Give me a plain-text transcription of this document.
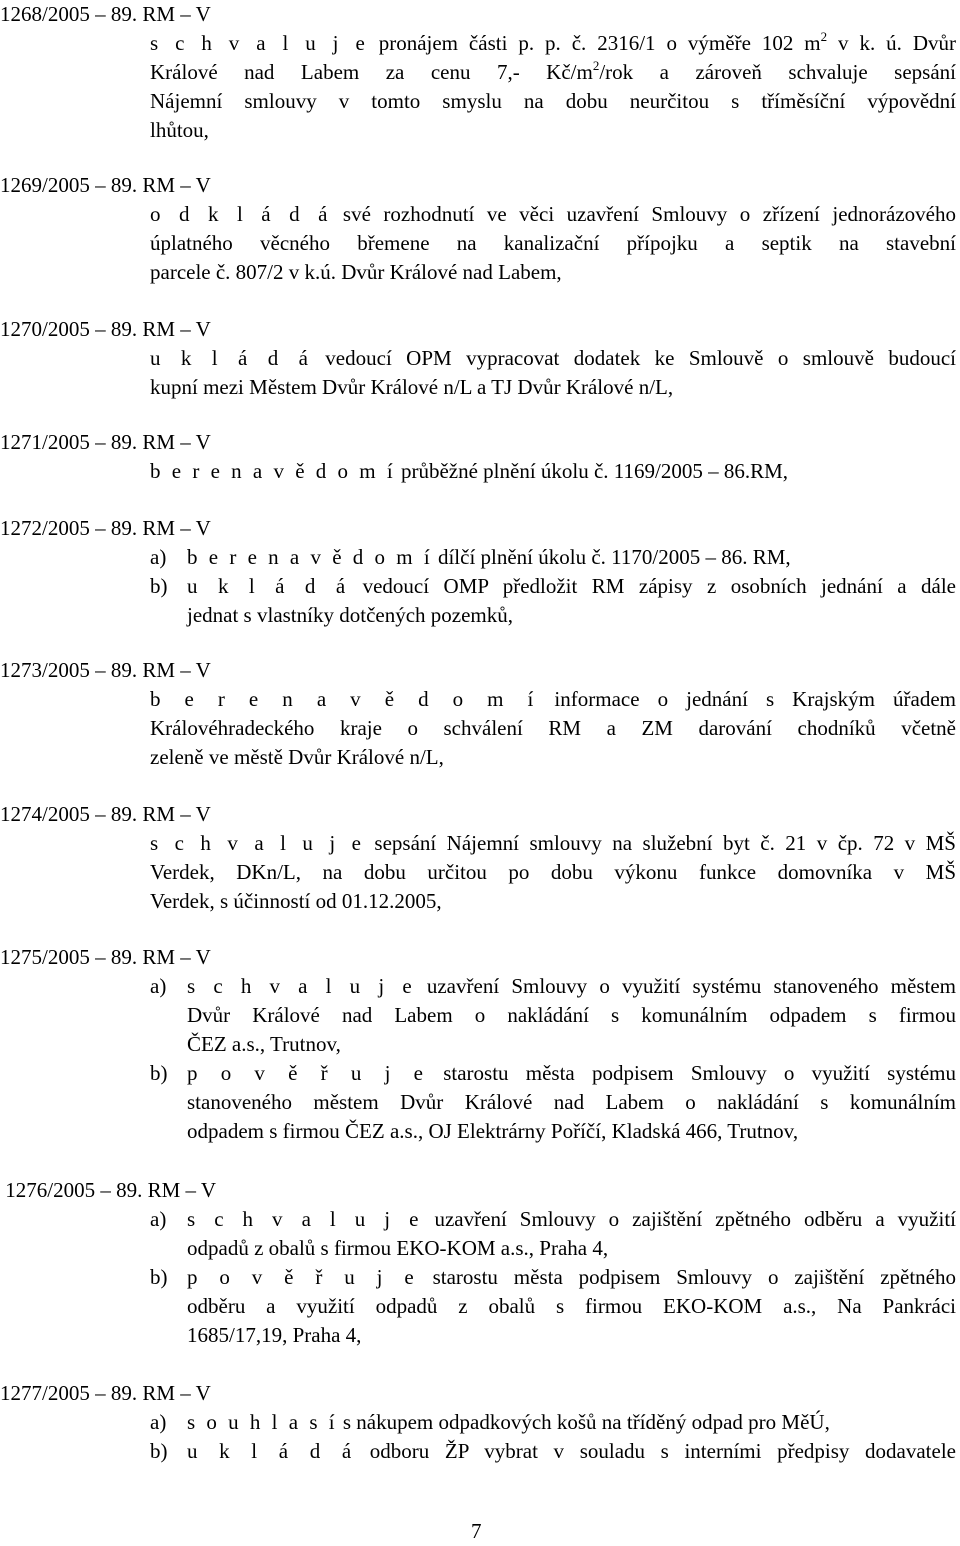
1268/2005 – 89. RM – V
s c h v a l u j e pronájem části p. p. č. 2316/1 o výměře 102 $m^2$ v k. ú. Dvůr
Králové nad Labem za cenu 7,- $Kč/m^2$/rok a zároveň schvaluje sepsání
Nájemní smlouvy v tomto smyslu na dobu neurčitou s tříměsíční výpovědní
lhůtou,
1269/2005 – 89. RM – V
o d k l á d á své rozhodnutí ve věci uzavření Smlouvy o zřízení jednorázového
úplatného věcného břemene na kanalizační přípojku a septik na stavební
parcele č. 807/2 v k.ú. Dvůr Králové nad Labem,
1270/2005 – 89. RM – V
u k l á d á vedoucí OPM vypracovat dodatek ke Smlouvě o smlouvě budoucí
kupní mezi Městem Dvůr Králové n/L a TJ Dvůr Králové n/L,
1271/2005 – 89. RM – V
b e r e n a v ě d o m í průběžné plnění úkolu č. 1169/2005 – 86.RM,
1272/2005 – 89. RM – V
a) b e r e n a v ě d o m í dílčí plnění úkolu č. 1170/2005 – 86. RM,
b) u k l á d á vedoucí OMP předložit RM zápisy z osobních jednání a dále
jednat s vlastníky dotčených pozemků,
1273/2005 – 89. RM – V
b e r e n a v ě d o m í informace o jednání s Krajským úřadem
Královéhradeckého kraje o schválení RM a ZM darování chodníků včetně
zeleně ve městě Dvůr Králové n/L,
1274/2005 – 89. RM – V
s c h v a l u j e sepsání Nájemní smlouvy na služební byt č. 21 v čp. 72 v MŠ
Verdek, DKn/L, na dobu určitou po dobu výkonu funkce domovníka v MŠ
Verdek, s účinností od 01.12.2005,
1275/2005 – 89. RM – V
a) s c h v a l u j e uzavření Smlouvy o využití systému stanoveného městem
Dvůr Králové nad Labem o nakládání s komunálním odpadem s firmou
ČEZ a.s., Trutnov,
b) p o v ě ř u j e starostu města podpisem Smlouvy o využití systému
stanoveného městem Dvůr Králové nad Labem o nakládání s komunálním
odpadem s firmou ČEZ a.s., OJ Elektrárny Poříčí, Kladská 466, Trutnov,
1276/2005 – 89. RM – V
a) s c h v a l u j e uzavření Smlouvy o zajištění zpětného odběru a využití
odpadů z obalů s firmou EKO-KOM a.s., Praha 4,
b) p o v ě ř u j e starostu města podpisem Smlouvy o zajištění zpětného
odběru a využití odpadů z obalů s firmou EKO-KOM a.s., Na Pankráci
1685/17,19, Praha 4,
1277/2005 – 89. RM – V
a) s o u h l a s í s nákupem odpadkových košů na tříděný odpad pro MěÚ,
b) u k l á d á odboru ŽP vybrat v souladu s interními předpisy dodavatele
7
